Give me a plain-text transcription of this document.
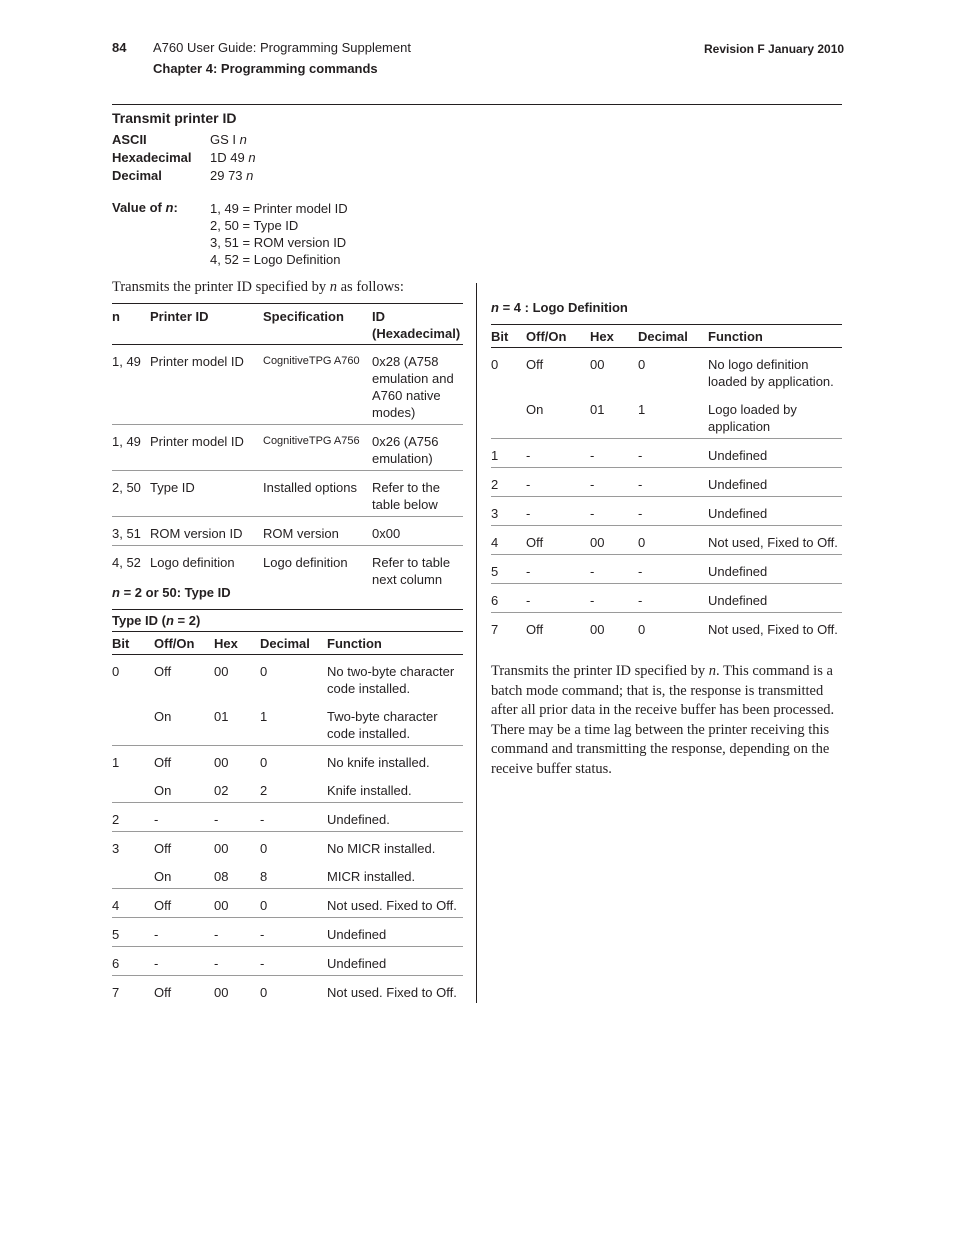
84 A760 User Guide: Programming Supplement
Chapter 4: Programming commands
Revision F January 2010
Transmit printer ID
ASCII	GS I n
Hexadecimal 1D 49 n
Decimal	29 73 n
Value of n: 1, 49 = Printer model ID
2, 50 = Type ID
3, 51 = ROM version ID
4, 52 = Logo Definition
Transmits the printer ID specified by n as follows:
n	Printer ID	Specification	ID (Hexadecimal)
1, 49	Printer model ID	CognitiveTPG A760	0x28 (A758 emulation and A760 native modes)
1, 49	Printer model ID	CognitiveTPG A756	0x26 (A756 emulation)
2, 50	Type ID	Installed options	Refer to the table below
3, 51	ROM version ID	ROM version	0x00
4, 52	Logo definition	Logo definition	Refer to table next column
n = 2 or 50: Type ID
Type ID (n = 2)				
Bit	Off/On	Hex	Decimal	Function
0	Off	00	0	No two-byte character code installed.
	On	01	1	Two-byte character code installed.
1	Off	00	0	No knife installed.
	On	02	2	Knife installed.
2	-	-	-	Undefined.
3	Off	00	0	No MICR installed.
	On	08	8	MICR installed.
4	Off	00	0	Not used. Fixed to Off.
5	-	-	-	Undefined
6	-	-	-	Undefined
7	Off	00	0	Not used. Fixed to Off.
n = 4 : Logo Definition
Bit	Off/On	Hex	Decimal	Function
0	Off	00	0	No logo definition loaded by application.
	On	01	1	Logo loaded by application
1	-	-	-	Undefined
2	-	-	-	Undefined
3	-	-	-	Undefined
4	Off	00	0	Not used, Fixed to Off.
5	-	-	-	Undefined
6	-	-	-	Undefined
7	Off	00	0	Not used, Fixed to Off.
Transmits the printer ID specified by n. This command is a batch mode command; that is, the response is transmitted after all prior data in the receive buffer has been processed. There may be a time lag between the printer receiving this command and transmitting the response, depending on the receive buffer status.
